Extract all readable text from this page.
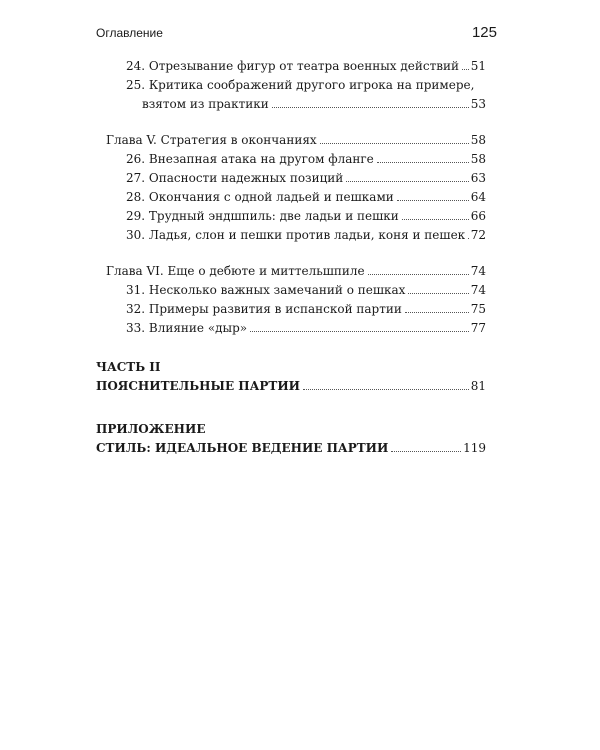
Оглавление	125
24. Отрезывание фигур от театра военных действий 51
25. Критика соображений другого игрока на примере,
взятом из практики	53
Глава V. Стратегия в окончаниях	58
26. Внезапная атака на другом фланге	58
27. Опасности надежных позиций	63
28. Окончания с одной ладьей и пешками	64
29. Трудный эндшпиль: две ладьи и пешки	66
30. Ладья, слон и пешки против ладьи, коня и пешек 72
Глава VI. Еще о дебюте и миттельшпиле	74
31. Несколько важных замечаний о пешках	74
32. Примеры развития в испанской партии	75
33. Влияние «дыр»	77
ЧАСТЬ II
ПОЯСНИТЕЛЬНЫЕ ПАРТИИ	81
ПРИЛОЖЕНИЕ
СТИЛЬ: ИДЕАЛЬНОЕ ВЕДЕНИЕ ПАРТИИ	119
